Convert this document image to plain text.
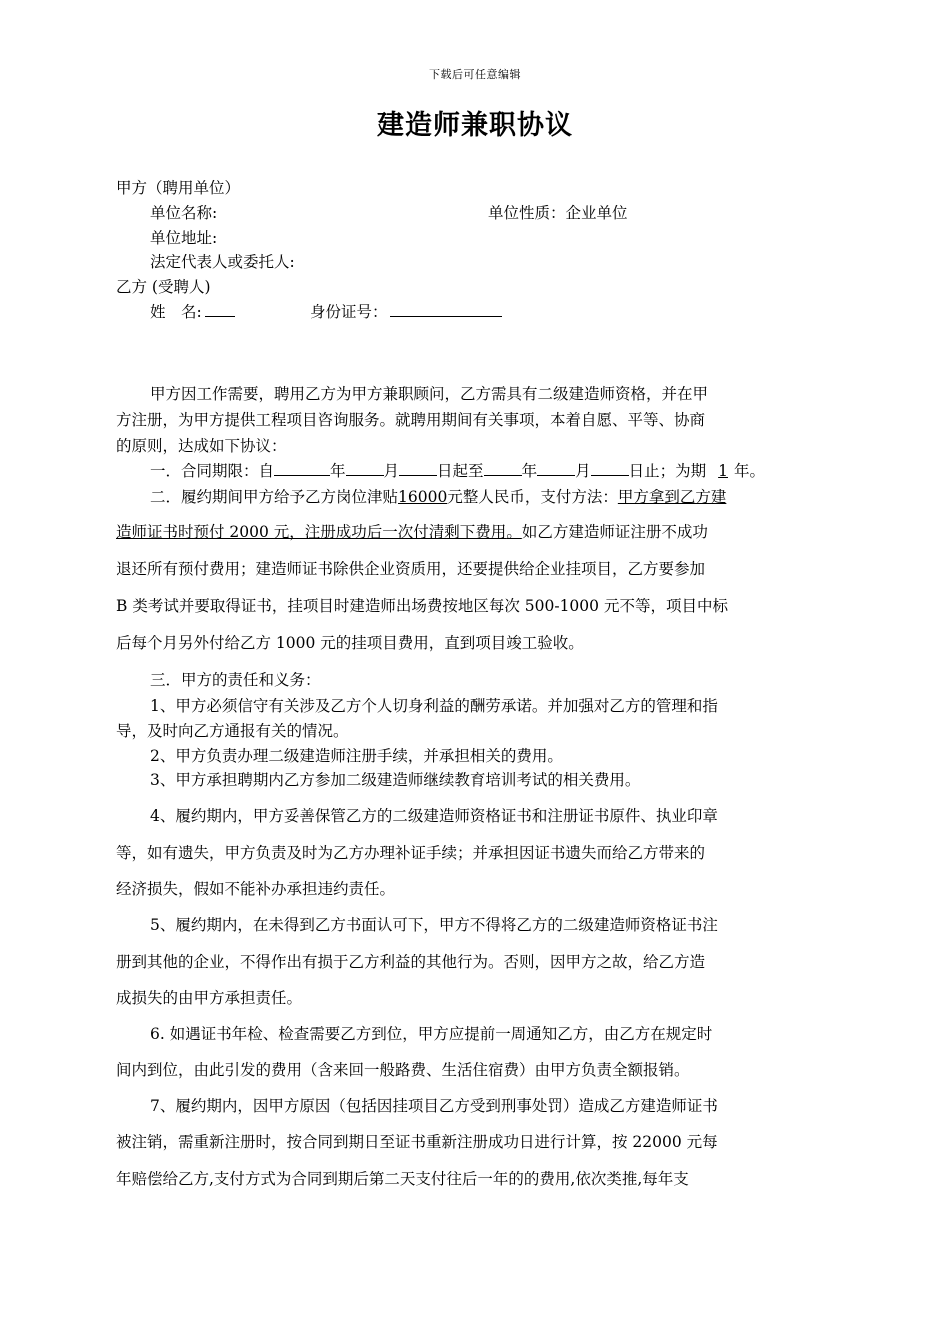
下载后可任意编辑
建造师兼职协议
甲方（聘用单位）
单位名称:	单位性质：企业单位
单位地址:
法定代表人或委托人:
乙方 (受聘人)
姓　名:	身份证号：
甲方因工作需要，聘用乙方为甲方兼职顾问，乙方需具有二级建造师资格，并在甲
方注册，为甲方提供工程项目咨询服务。就聘用期间有关事项，本着自愿、平等、协商
的原则，达成如下协议：
一．合同期限：自	年 月 日起至 年 月 日止；为期 1 年。
二．履约期间甲方给予乙方岗位津贴16000元整人民币，支付方法：甲方拿到乙方建
造师证书时预付 2000 元，注册成功后一次付清剩下费用。如乙方建造师证注册不成功
退还所有预付费用；建造师证书除供企业资质用，还要提供给企业挂项目，乙方要参加
B 类考试并要取得证书，挂项目时建造师出场费按地区每次 500-1000 元不等，项目中标
后每个月另外付给乙方 1000 元的挂项目费用，直到项目竣工验收。
三．甲方的责任和义务：
1、甲方必须信守有关涉及乙方个人切身利益的酬劳承诺。并加强对乙方的管理和指
导，及时向乙方通报有关的情况。
2、甲方负责办理二级建造师注册手续，并承担相关的费用。
3、甲方承担聘期内乙方参加二级建造师继续教育培训考试的相关费用。
4、履约期内，甲方妥善保管乙方的二级建造师资格证书和注册证书原件、执业印章
等，如有遗失，甲方负责及时为乙方办理补证手续；并承担因证书遗失而给乙方带来的
经济损失，假如不能补办承担违约责任。
5、履约期内，在未得到乙方书面认可下，甲方不得将乙方的二级建造师资格证书注
册到其他的企业，不得作出有损于乙方利益的其他行为。否则，因甲方之故，给乙方造
成损失的由甲方承担责任。
6. 如遇证书年检、检查需要乙方到位，甲方应提前一周通知乙方，由乙方在规定时
间内到位，由此引发的费用（含来回一般路费、生活住宿费）由甲方负责全额报销。
7、履约期内，因甲方原因（包括因挂项目乙方受到刑事处罚）造成乙方建造师证书
被注销，需重新注册时，按合同到期日至证书重新注册成功日进行计算，按 22000 元每
年赔偿给乙方,支付方式为合同到期后第二天支付往后一年的的费用,依次类推,每年支
